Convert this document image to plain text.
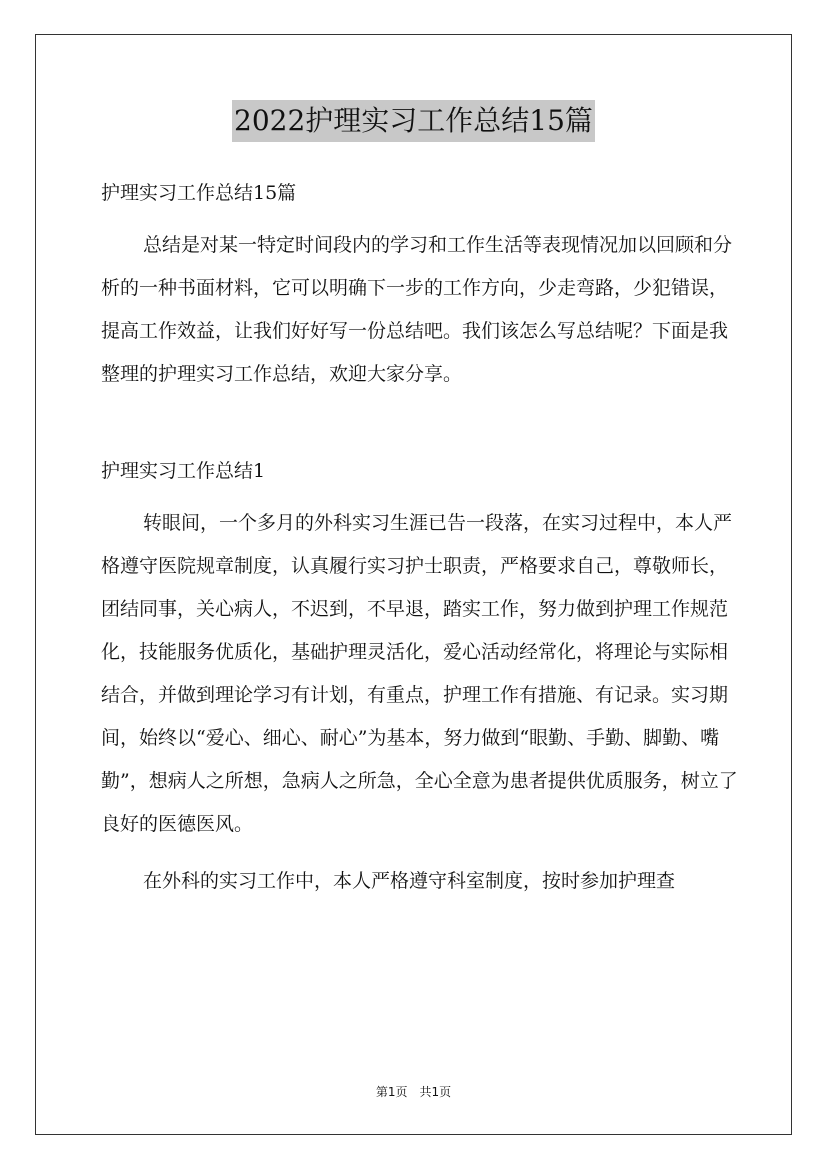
2022护理实习工作总结15篇

护理实习工作总结15篇

总结是对某一特定时间段内的学习和工作生活等表现情况加以回顾和分析的一种书面材料，它可以明确下一步的工作方向，少走弯路，少犯错误，提高工作效益，让我们好好写一份总结吧。我们该怎么写总结呢？下面是我整理的护理实习工作总结，欢迎大家分享。

护理实习工作总结1

转眼间，一个多月的外科实习生涯已告一段落，在实习过程中，本人严格遵守医院规章制度，认真履行实习护士职责，严格要求自己，尊敬师长，团结同事，关心病人，不迟到，不早退，踏实工作，努力做到护理工作规范化，技能服务优质化，基础护理灵活化，爱心活动经常化，将理论与实际相结合，并做到理论学习有计划，有重点，护理工作有措施、有记录。实习期间，始终以“爱心、细心、耐心”为基本，努力做到“眼勤、手勤、脚勤、嘴勤”，想病人之所想，急病人之所急，全心全意为患者提供优质服务，树立了良好的医德医风。

在外科的实习工作中，本人严格遵守科室制度，按时参加护理查

第1页　共1页
